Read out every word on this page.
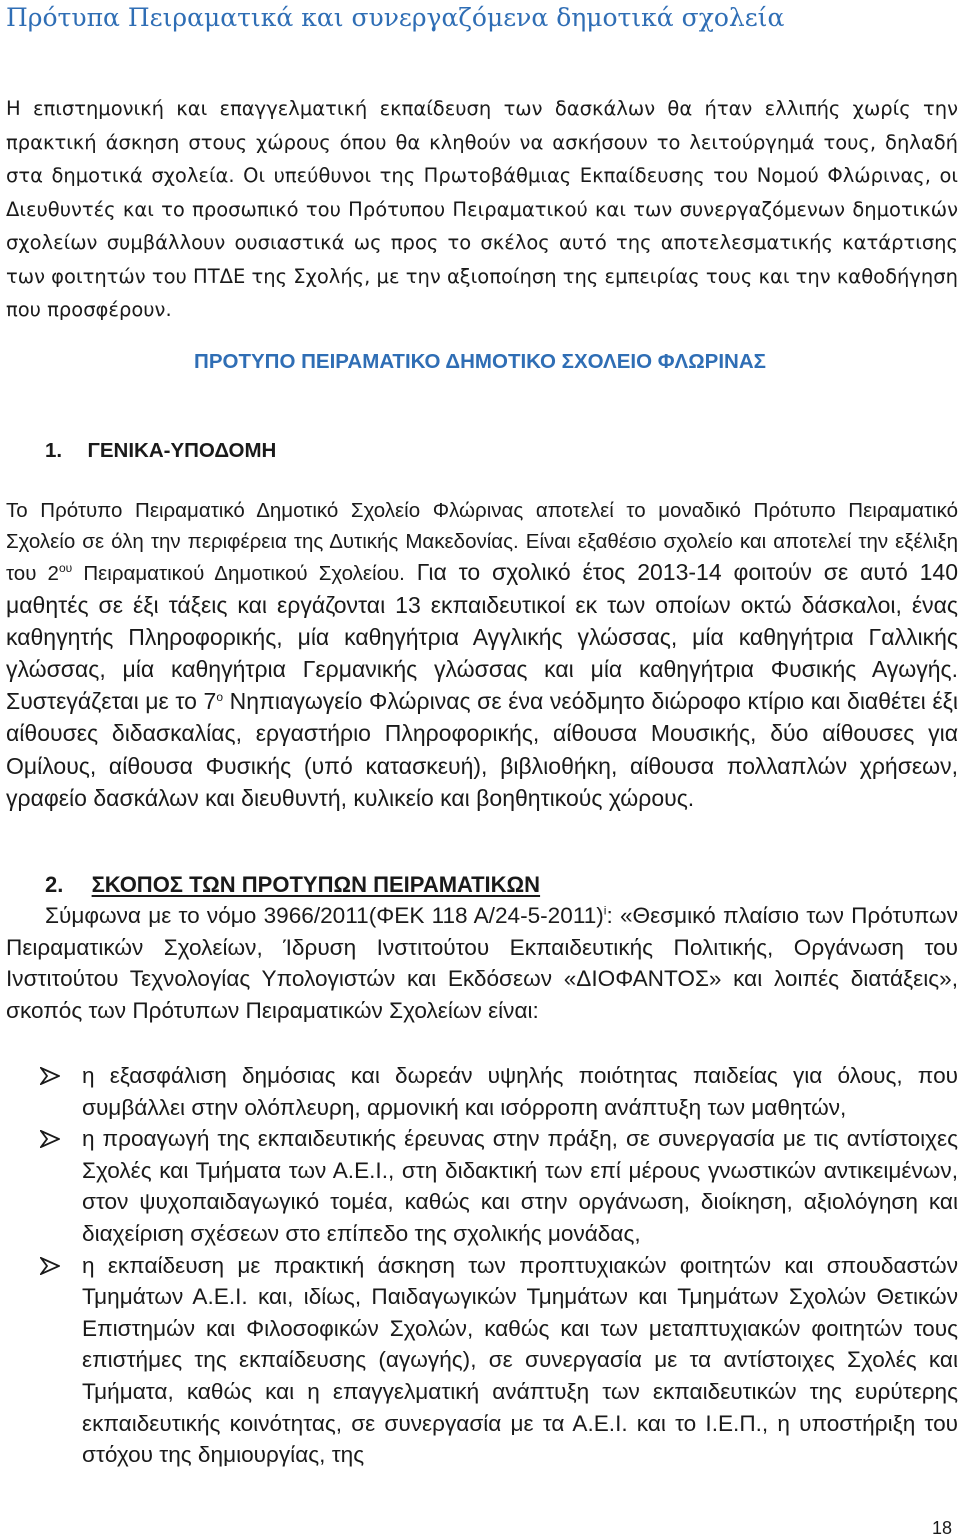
Πρότυπα Πειραματικά και συνεργαζόμενα δημοτικά σχολεία
Η επιστημονική και επαγγελματική εκπαίδευση των δασκάλων θα ήταν ελλιπής χωρίς την πρακτική άσκηση στους χώρους όπου θα κληθούν να ασκήσουν το λειτούργημά τους, δηλαδή στα δημοτικά σχολεία. Οι υπεύθυνοι της Πρωτοβάθμιας Εκπαίδευσης του Νομού Φλώρινας, οι Διευθυντές και το προσωπικό του Πρότυπου Πειραματικού και των συνεργαζόμενων δημοτικών σχολείων συμβάλλουν ουσιαστικά ως προς το σκέλος αυτό της αποτελεσματικής κατάρτισης των φοιτητών του ΠΤΔΕ της Σχολής, με την αξιοποίηση της εμπειρίας τους και την καθοδήγηση που προσφέρουν.
ΠΡΟΤΥΠΟ ΠΕΙΡΑΜΑΤΙΚΟ ΔΗΜΟΤΙΚΟ ΣΧΟΛΕΙΟ ΦΛΩΡΙΝΑΣ
1. ΓΕΝΙΚΑ-ΥΠΟΔΟΜΗ
Το Πρότυπο Πειραματικό Δημοτικό Σχολείο Φλώρινας αποτελεί το μοναδικό Πρότυπο Πειραματικό Σχολείο σε όλη την περιφέρεια της Δυτικής Μακεδονίας. Είναι εξαθέσιο σχολείο και αποτελεί την εξέλιξη του $2^{o\upsilon}$ Πειραματικού Δημοτικού Σχολείου. Για το σχολικό έτος 2013-14 φοιτούν σε αυτό 140 μαθητές σε έξι τάξεις και εργάζονται 13 εκπαιδευτικοί εκ των οποίων οκτώ δάσκαλοι, ένας καθηγητής Πληροφορικής, μία καθηγήτρια Αγγλικής γλώσσας, μία καθηγήτρια Γαλλικής γλώσσας, μία καθηγήτρια Γερμανικής γλώσσας και μία καθηγήτρια Φυσικής Αγωγής. Συστεγάζεται με το $7^o$ Νηπιαγωγείο Φλώρινας σε ένα νεόδμητο διώροφο κτίριο και διαθέτει έξι αίθουσες διδασκαλίας, εργαστήριο Πληροφορικής, αίθουσα Μουσικής, δύο αίθουσες για Ομίλους, αίθουσα Φυσικής (υπό κατασκευή), βιβλιοθήκη, αίθουσα πολλαπλών χρήσεων, γραφείο δασκάλων και διευθυντή, κυλικείο και βοηθητικούς χώρους.
2. ΣΚΟΠΟΣ ΤΩΝ ΠΡΟΤΥΠΩΝ ΠΕΙΡΑΜΑΤΙΚΩΝ
Σύμφωνα με το νόμο 3966/2011(ΦΕΚ 118 Α/24-5-2011)$^i$: «Θεσμικό πλαίσιο των Πρότυπων Πειραματικών Σχολείων, Ίδρυση Ινστιτούτου Εκπαιδευτικής Πολιτικής, Οργάνωση του Ινστιτούτου Τεχνολογίας Υπολογιστών και Εκδόσεων «ΔΙΟΦΑΝΤΟΣ» και λοιπές διατάξεις», σκοπός των Πρότυπων Πειραματικών Σχολείων είναι:
η εξασφάλιση δημόσιας και δωρεάν υψηλής ποιότητας παιδείας για όλους, που συμβάλλει στην ολόπλευρη, αρμονική και ισόρροπη ανάπτυξη των μαθητών,
η προαγωγή της εκπαιδευτικής έρευνας στην πράξη, σε συνεργασία με τις αντίστοιχες Σχολές και Τμήματα των Α.Ε.Ι., στη διδακτική των επί μέρους γνωστικών αντικειμένων, στον ψυχοπαιδαγωγικό τομέα, καθώς και στην οργάνωση, διοίκηση, αξιολόγηση και διαχείριση σχέσεων στο επίπεδο της σχολικής μονάδας,
η εκπαίδευση με πρακτική άσκηση των προπτυχιακών φοιτητών και σπουδαστών Τμημάτων Α.Ε.Ι. και, ιδίως, Παιδαγωγικών Τμημάτων και Τμημάτων Σχολών Θετικών Επιστημών και Φιλοσοφικών Σχολών, καθώς και των μεταπτυχιακών φοιτητών τους επιστήμες της εκπαίδευσης (αγωγής), σε συνεργασία με τα αντίστοιχες Σχολές και Τμήματα, καθώς και η επαγγελματική ανάπτυξη των εκπαιδευτικών της ευρύτερης εκπαιδευτικής κοινότητας, σε συνεργασία με τα Α.Ε.Ι. και το Ι.Ε.Π., η υποστήριξη του στόχου της δημιουργίας, της
18
